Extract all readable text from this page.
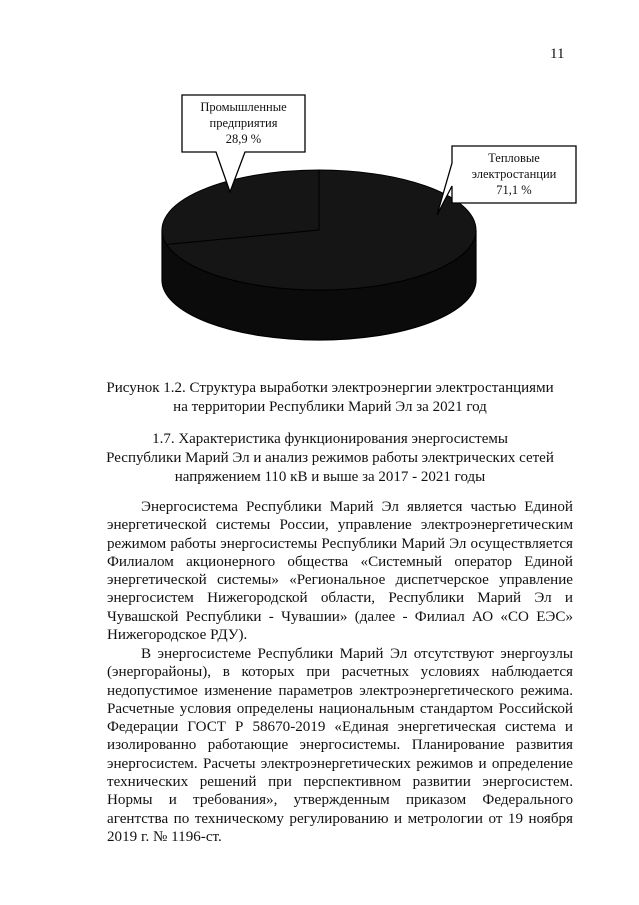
11
Промышленные
предприятия
28,9 %
Тепловые
электростанции
71,1 %
Рисунок 1.2. Структура выработки электроэнергии электростанциями
на территории Республики Марий Эл за 2021 год
1.7. Характеристика функционирования энергосистемы
Республики Марий Эл и анализ режимов работы электрических сетей
напряжением 110 кВ и выше за 2017 - 2021 годы

Энергосистема Республики Марий Эл является частью Единой энергетической системы России, управление электроэнергетическим режимом работы энергосистемы Республики Марий Эл осуществляется Филиалом акционерного общества «Системный оператор Единой энергетической системы» «Региональное диспетчерское управление энергосистем Нижегородской области, Республики Марий Эл и Чувашской Республики - Чувашии» (далее - Филиал АО «СО ЕЭС» Нижегородское РДУ).

В энергосистеме Республики Марий Эл отсутствуют энергоузлы (энергорайоны), в которых при расчетных условиях наблюдается недопустимое изменение параметров электроэнергетического режима. Расчетные условия определены национальным стандартом Российской Федерации ГОСТ Р 58670-2019 «Единая энергетическая система и изолированно работающие энергосистемы. Планирование развития энергосистем. Расчеты электроэнергетических режимов и определение технических решений при перспективном развитии энергосистем. Нормы и требования», утвержденным приказом Федерального агентства по техническому регулированию и метрологии от 19 ноября 2019 г. № 1196-ст.
